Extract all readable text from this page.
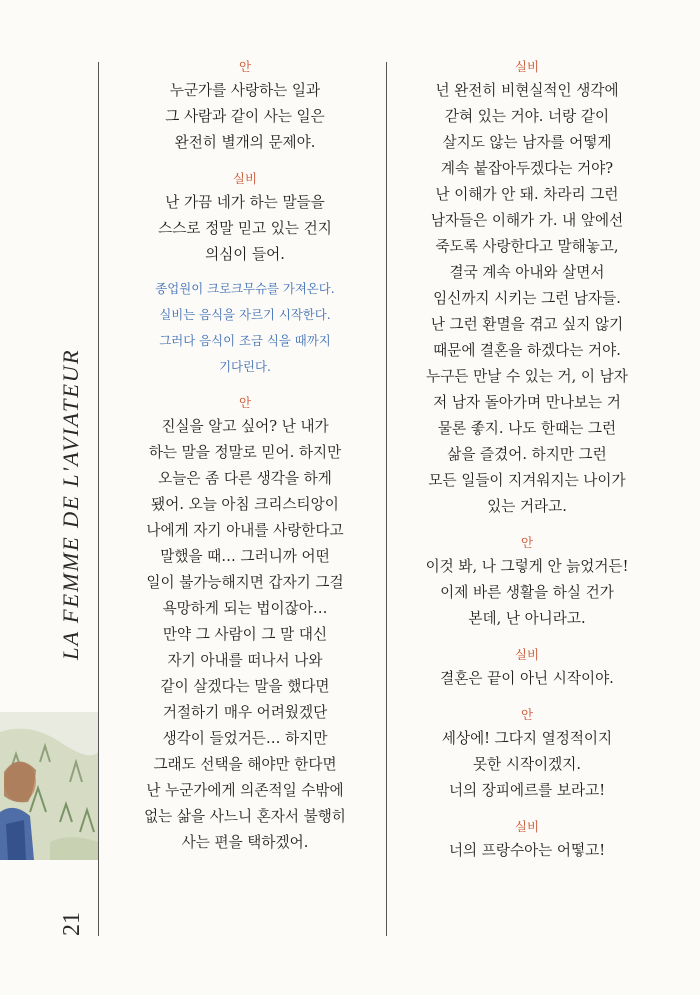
LA FEMME DE L'AVIATEUR
21
안
누군가를 사랑하는 일과
그 사람과 같이 사는 일은
완전히 별개의 문제야.
실비
난 가끔 네가 하는 말들을
스스로 정말 믿고 있는 건지
의심이 들어.
종업원이 크로크무슈를 가져온다.
실비는 음식을 자르기 시작한다.
그러다 음식이 조금 식을 때까지
기다린다.
안
진실을 알고 싶어? 난 내가
하는 말을 정말로 믿어. 하지만
오늘은 좀 다른 생각을 하게
됐어. 오늘 아침 크리스티앙이
나에게 자기 아내를 사랑한다고
말했을 때… 그러니까 어떤
일이 불가능해지면 갑자기 그걸
욕망하게 되는 법이잖아…
만약 그 사람이 그 말 대신
자기 아내를 떠나서 나와
같이 살겠다는 말을 했다면
거절하기 매우 어려웠겠단
생각이 들었거든… 하지만
그래도 선택을 해야만 한다면
난 누군가에게 의존적일 수밖에
없는 삶을 사느니 혼자서 불행히
사는 편을 택하겠어.
실비
넌 완전히 비현실적인 생각에
갇혀 있는 거야. 너랑 같이
살지도 않는 남자를 어떻게
계속 붙잡아두겠다는 거야?
난 이해가 안 돼. 차라리 그런
남자들은 이해가 가. 내 앞에선
죽도록 사랑한다고 말해놓고,
결국 계속 아내와 살면서
임신까지 시키는 그런 남자들.
난 그런 환멸을 겪고 싶지 않기
때문에 결혼을 하겠다는 거야.
누구든 만날 수 있는 거, 이 남자
저 남자 돌아가며 만나보는 거
물론 좋지. 나도 한때는 그런
삶을 즐겼어. 하지만 그런
모든 일들이 지겨워지는 나이가
있는 거라고.
안
이것 봐, 나 그렇게 안 늙었거든!
이제 바른 생활을 하실 건가
본데, 난 아니라고.
실비
결혼은 끝이 아닌 시작이야.
안
세상에! 그다지 열정적이지
못한 시작이겠지.
너의 장피에르를 보라고!
실비
너의 프랑수아는 어떻고!
